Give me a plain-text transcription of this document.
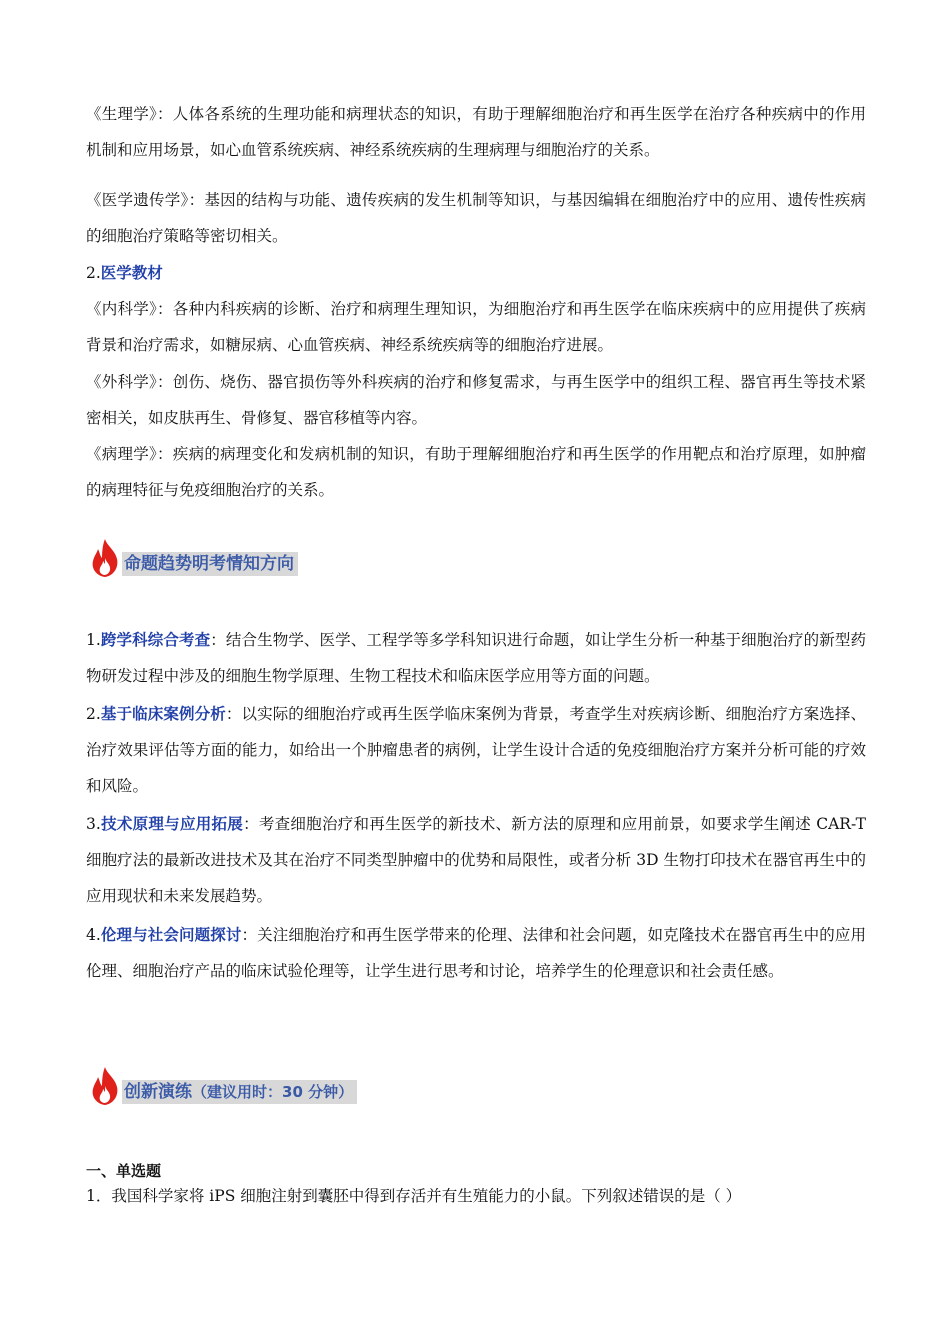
《生理学》：人体各系统的生理功能和病理状态的知识，有助于理解细胞治疗和再生医学在治疗各种疾病中的作用机制和应用场景，如心血管系统疾病、神经系统疾病的生理病理与细胞治疗的关系。

《医学遗传学》：基因的结构与功能、遗传疾病的发生机制等知识，与基因编辑在细胞治疗中的应用、遗传性疾病的细胞治疗策略等密切相关。

2.医学教材

《内科学》：各种内科疾病的诊断、治疗和病理生理知识，为细胞治疗和再生医学在临床疾病中的应用提供了疾病背景和治疗需求，如糖尿病、心血管疾病、神经系统疾病等的细胞治疗进展。

《外科学》：创伤、烧伤、器官损伤等外科疾病的治疗和修复需求，与再生医学中的组织工程、器官再生等技术紧密相关，如皮肤再生、骨修复、器官移植等内容。

《病理学》：疾病的病理变化和发病机制的知识，有助于理解细胞治疗和再生医学的作用靶点和治疗原理，如肿瘤的病理特征与免疫细胞治疗的关系。

命题趋势明考情知方向

1.跨学科综合考查：结合生物学、医学、工程学等多学科知识进行命题，如让学生分析一种基于细胞治疗的新型药物研发过程中涉及的细胞生物学原理、生物工程技术和临床医学应用等方面的问题。

2.基于临床案例分析：以实际的细胞治疗或再生医学临床案例为背景，考查学生对疾病诊断、细胞治疗方案选择、治疗效果评估等方面的能力，如给出一个肿瘤患者的病例，让学生设计合适的免疫细胞治疗方案并分析可能的疗效和风险。

3.技术原理与应用拓展：考查细胞治疗和再生医学的新技术、新方法的原理和应用前景，如要求学生阐述 CAR-T 细胞疗法的最新改进技术及其在治疗不同类型肿瘤中的优势和局限性，或者分析 3D 生物打印技术在器官再生中的应用现状和未来发展趋势。

4.伦理与社会问题探讨：关注细胞治疗和再生医学带来的伦理、法律和社会问题，如克隆技术在器官再生中的应用伦理、细胞治疗产品的临床试验伦理等，让学生进行思考和讨论，培养学生的伦理意识和社会责任感。

创新演练（建议用时：30 分钟）
一、单选题
1．我国科学家将 iPS 细胞注射到囊胚中得到存活并有生殖能力的小鼠。下列叙述错误的是（ ）
